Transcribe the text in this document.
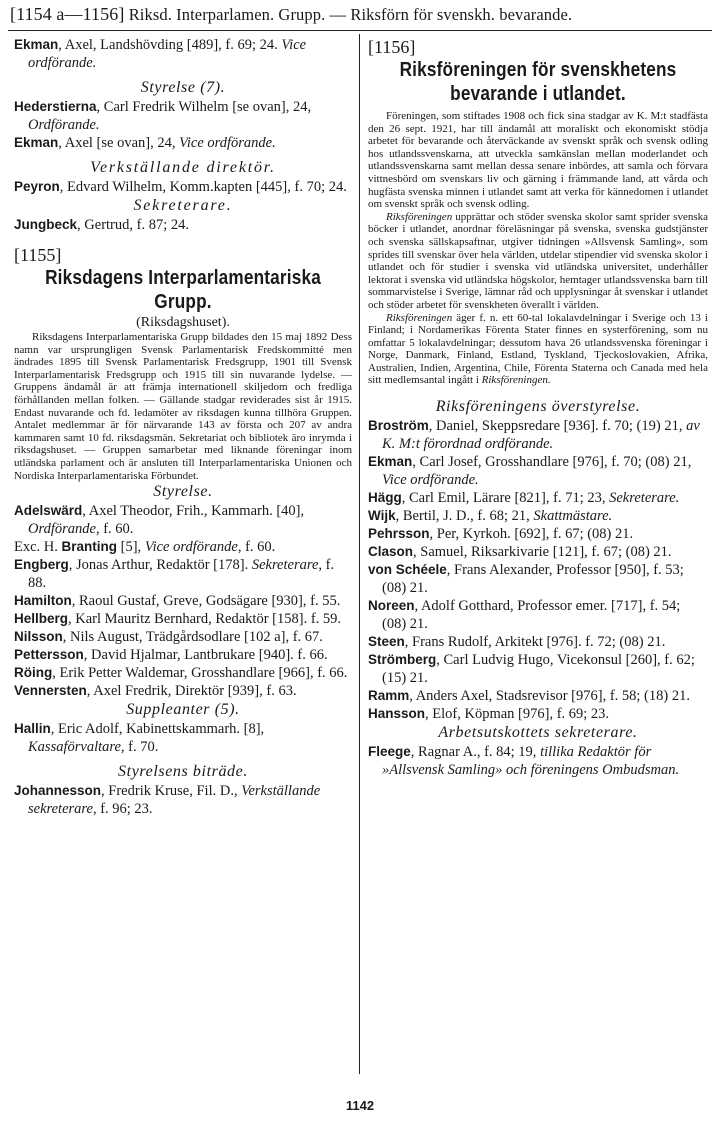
[1154 a—1156] Riksd. Interparlamen. Grupp. — Riksförn för svenskh. bevarande.
Ekman, Axel, Landshövding [489], f. 69; 24. Vice ordförande.
Styrelse (7).
Hederstierna, Carl Fredrik Wilhelm [se ovan], 24, Ordförande.
Ekman, Axel [se ovan], 24, Vice ordförande.
Verkställande direktör.
Peyron, Edvard Wilhelm, Komm.kapten [445], f. 70; 24.
Sekreterare.
Jungbeck, Gertrud, f. 87; 24.
[1155]
Riksdagens Interparlamentariska
Grupp.
(Riksdagshuset).

Riksdagens Interparlamentariska Grupp bildades den 15 maj 1892 Dess namn var ursprungligen Svensk Parlamentarisk Fredskommitté men ändrades 1895 till Svensk Parlamentarisk Fredsgrupp, 1901 till Svensk Interparlamentarisk Fredsgrupp och 1915 till sin nuvarande lydelse. — Gruppens ändamål är att främja internationell skiljedom och fredliga förhållanden mellan folken. — Gällande stadgar reviderades sist år 1915. Endast nuvarande och fd. ledamöter av riksdagen kunna tillhöra Gruppen. Antalet medlemmar är för närvarande 143 av första och 207 av andra kammaren samt 10 fd. riksdagsmän. Sekretariat och bibliotek äro inrymda i riksdagshuset. — Gruppen samarbetar med liknande föreningar inom utländska parlament och är ansluten till Interparlamentariska Unionen och Nordiska Interparlamentariska Förbundet.

Styrelse.
Adelswärd, Axel Theodor, Frih., Kammarh. [40], Ordförande, f. 60.
Exc. H. Branting [5], Vice ordförande, f. 60.
Engberg, Jonas Arthur, Redaktör [178]. Sekreterare, f. 88.
Hamilton, Raoul Gustaf, Greve, Godsägare [930], f. 55.
Hellberg, Karl Mauritz Bernhard, Redaktör [158]. f. 59.
Nilsson, Nils August, Trädgårdsodlare [102 a], f. 67.
Pettersson, David Hjalmar, Lantbrukare [940]. f. 66.
Röing, Erik Petter Waldemar, Grosshandlare [966], f. 66.
Vennersten, Axel Fredrik, Direktör [939], f. 63.
Suppleanter (5).
Hallin, Eric Adolf, Kabinettskammarh. [8], Kassaförvaltare, f. 70.
Styrelsens biträde.
Johannesson, Fredrik Kruse, Fil. D., Verkställande sekreterare, f. 96; 23.
[1156]
Riksföreningen för svenskhetens
bevarande i utlandet.

Föreningen, som stiftades 1908 och fick sina stadgar av K. M:t stadfästa den 26 sept. 1921, har till ändamål att moraliskt och ekonomiskt stödja arbetet för bevarande och återväckande av svenskt språk och svensk odling hos utlandssvenskarna, att utveckla samkänslan mellan moderlandet och utlandssvenskarna samt mellan dessa senare inbördes, att samla och förvara vittnesbörd om svenskars liv och gärning i främmande land, att vårda och hugfästa svenska minnen i utlandet samt att verka för kännedomen i utlandet om svenskt språk och svensk odling.

Riksföreningen upprättar och stöder svenska skolor samt sprider svenska böcker i utlandet, anordnar föreläsningar på svenska, svenska gudstjänster och svenska sällskapsaftnar, utgiver tidningen »Allsvensk Samling», som sprides till svenskar över hela världen, utdelar stipendier vid svenska skolor i utlandet och för studier i svenska vid utländska universitet, underhåller lektorat i svenska vid utländska högskolor, hemtager utlandssvenska barn till sommarvistelse i Sverige, lämnar råd och upplysningar åt svenskar i utlandet och stöder arbetet för svenskheten överallt i världen.

Riksföreningen äger f. n. ett 60-tal lokalavdelningar i Sverige och 13 i Finland; i Nordamerikas Förenta Stater finnes en systerförening, som nu omfattar 5 lokalavdelningar; dessutom hava 26 utlandssvenska föreningar i Norge, Danmark, Finland, Estland, Tyskland, Tjeckoslovakien, Afrika, Australien, Indien, Argentina, Chile, Förenta Staterna och Canada med hela sitt medlemsantal ingått i Riksföreningen.

Riksföreningens överstyrelse.
Broström, Daniel, Skeppsredare [936]. f. 70; (19) 21, av K. M:t förordnad ordförande.
Ekman, Carl Josef, Grosshandlare [976], f. 70; (08) 21, Vice ordförande.
Hägg, Carl Emil, Lärare [821], f. 71; 23, Sekreterare.
Wijk, Bertil, J. D., f. 68; 21, Skattmästare.
Pehrsson, Per, Kyrkoh. [692], f. 67; (08) 21.
Clason, Samuel, Riksarkivarie [121], f. 67; (08) 21.
von Schéele, Frans Alexander, Professor [950], f. 53; (08) 21.
Noreen, Adolf Gotthard, Professor emer. [717], f. 54; (08) 21.
Steen, Frans Rudolf, Arkitekt [976]. f. 72; (08) 21.
Strömberg, Carl Ludvig Hugo, Vicekonsul [260], f. 62; (15) 21.
Ramm, Anders Axel, Stadsrevisor [976], f. 58; (18) 21.
Hansson, Elof, Köpman [976], f. 69; 23.
Arbetsutskottets sekreterare.
Fleege, Ragnar A., f. 84; 19, tillika Redaktör för »Allsvensk Samling» och föreningens Ombudsman.
1142
